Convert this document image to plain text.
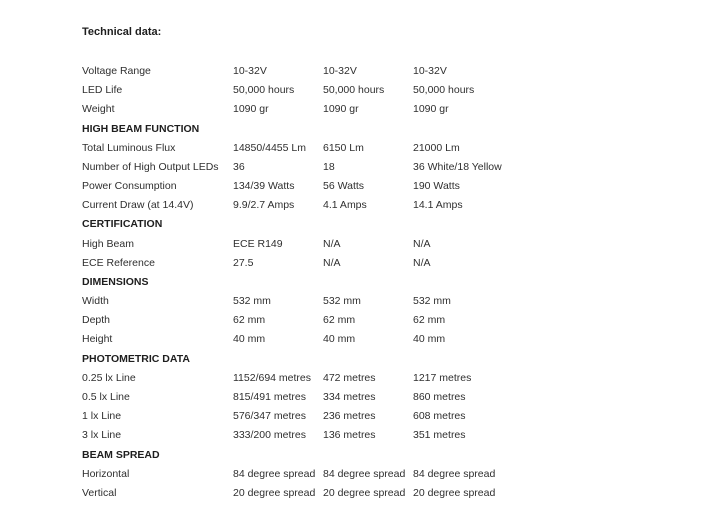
Technical data:
Voltage Range	10-32V	10-32V	10-32V
LED Life	50,000 hours	50,000 hours	50,000 hours
Weight	1090 gr	1090 gr	1090 gr
HIGH BEAM FUNCTION			
Total Luminous Flux	14850/4455 Lm	6150 Lm	21000 Lm
Number of High Output LEDs	36	18	36 White/18 Yellow
Power Consumption	134/39 Watts	56 Watts	190 Watts
Current Draw (at 14.4V)	9.9/2.7 Amps	4.1 Amps	14.1 Amps
CERTIFICATION			
High Beam	ECE R149	N/A	N/A
ECE Reference	27.5	N/A	N/A
DIMENSIONS			
Width	532 mm	532 mm	532 mm
Depth	62 mm	62 mm	62 mm
Height	40 mm	40 mm	40 mm
PHOTOMETRIC DATA			
0.25 lx Line	1152/694 metres	472 metres	1217 metres
0.5 lx Line	815/491 metres	334 metres	860 metres
1 lx Line	576/347 metres	236 metres	608 metres
3 lx Line	333/200 metres	136 metres	351 metres
BEAM SPREAD			
Horizontal	84 degree spread	84 degree spread	84 degree spread
Vertical	20 degree spread	20 degree spread	20 degree spread
